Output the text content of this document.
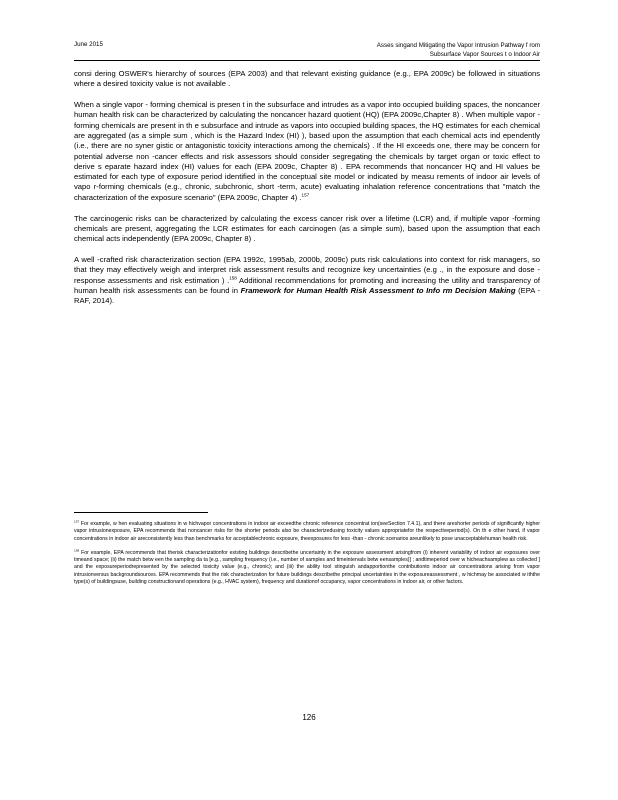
June 2015	Asses singand Mitigating the Vapor Intrusion Pathway f rom
Subsurface Vapor Sources t o Indoor Air

consi dering OSWER's hierarchy of sources (EPA 2003) and that relevant existing guidance (e.g., EPA 2009c) be followed in situations where a desired toxicity value is not available .

When a single vapor - forming chemical is presen t in the subsurface and intrudes as a vapor into occupied building spaces, the noncancer human health risk can be characterized by calculating the noncancer hazard quotient (HQ) (EPA 2009c,Chapter 8) . When multiple vapor -forming chemicals are present in th e subsurface and intrude as vapors into occupied building spaces, the HQ estimates for each chemical are aggregated (as a simple sum , which is the Hazard Index (HI) ), based upon the assumption that each chemical acts ind ependently (i.e., there are no syner gistic or antagonistic toxicity interactions among the chemicals) . If the HI exceeds one, there may be concern for potential adverse non -cancer effects and risk assessors should consider segregating the chemicals by target organ or toxic effect to derive s eparate hazard index (HI) values for each (EPA 2009c, Chapter 8) . EPA recommends that noncancer HQ and HI values be estimated for each type of exposure period identified in the conceptual site model or indicated by measu rements of indoor air levels of vapo r-forming chemicals (e.g., chronic, subchronic, short -term, acute) evaluating inhalation reference concentrations that "match the characterization of the exposure scenario" (EPA 2009c, Chapter 4) .$^{157}$

The carcinogenic risks can be characterized by calculating the excess cancer risk over a lifetime (LCR) and, if multiple vapor -forming chemicals are present, aggregating the LCR estimates for each carcinogen (as a simple sum), based upon the assumption that each chemical acts independently (EPA 2009c, Chapter 8) .

A well -crafted risk characterization section (EPA 1992c, 1995ab, 2000b, 2009c) puts risk calculations into context for risk managers, so that they may effectively weigh and interpret risk assessment results and recognize key uncertainties (e.g ., in the exposure and dose -response assessments and risk estimation ) .$^{158}$ Additional recommendations for promoting and increasing the utility and transparency of human health risk assessments can be found in Framework for Human Health Risk Assessment to Info rm Decision Making (EPA -RAF, 2014).

$^{157}$ For example, w hen evaluating situations in w hichvapor concentrations in indoor air exceedthe chronic reference concentrat ion(seeSection 7.4.1), and there areshorter periods of significantly higher vapor intrusionexposure, EPA recommends that noncancer risks for the shorter periods also be characterizedusing toxicity values appropriatefor the respectiveperiod(s). On th e other hand, if vapor concentrations in indoor air areconsistently less than benchmarks for acceptablechronic exposure, theexposures for less -than - chronic scenarios areunlikely to pose unacceptablehuman health risk.

$^{158}$ For example, EPA recommends that therisk characterizationfor existing buildings describethe uncertainty in the exposure assessment arisingfrom (i) inherent variability of indoor air exposures over timeand space; (ii) the match betw een the sampling da ta [e.g., sampling frequency (i.e., number of samples and timeintervals betw eensamples)] ; andtimeperiod over w hicheachsamplew as collected ] and the exposureperiodrepresented by the selected toxicity value (e.g., chronic); and (iii) the ability tool stinguish andapportionthe contributionto indoor air concentrations arising from vapor intrusionversus backgroundsources. EPA recommends that the risk characterization for future buildings describethe principal uncertainties in the exposureassessment , w hichmay be associated w iththe type(s) of buildingsuse, building constructionand operations (e.g., HVAC system), frequency and durationof occupancy, vapor concentrations in indoor air, or other factors.

126
